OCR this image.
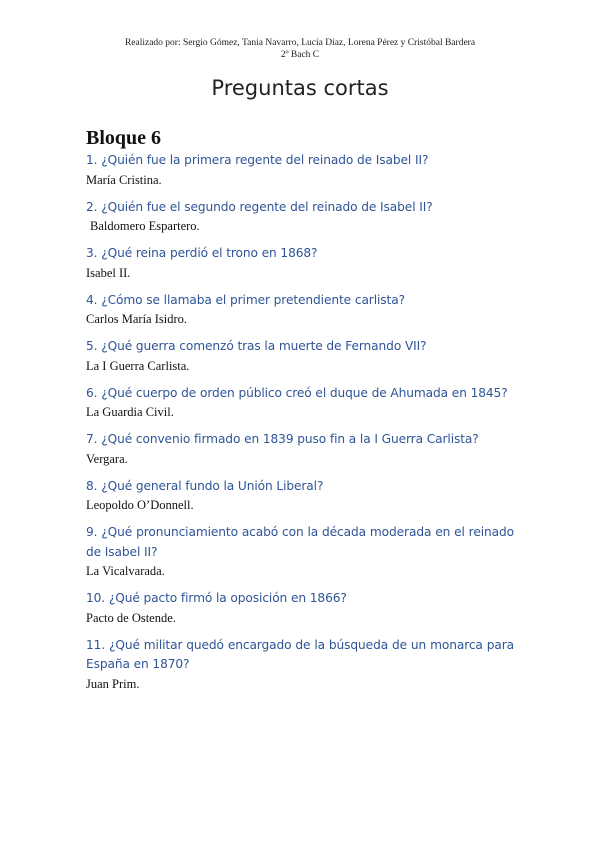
Realizado por: Sergio Gómez, Tania Navarro, Lucía Díaz, Lorena Pérez y Cristóbal Bardera
2º Bach C
Preguntas cortas
Bloque 6
1. ¿Quién fue la primera regente del reinado de Isabel II?
María Cristina.
2. ¿Quién fue el segundo regente del reinado de Isabel II?
Baldomero Espartero.
3. ¿Qué reina perdió el trono en 1868?
Isabel II.
4. ¿Cómo se llamaba el primer pretendiente carlista?
Carlos María Isidro.
5. ¿Qué guerra comenzó tras la muerte de Fernando VII?
La I Guerra Carlista.
6. ¿Qué cuerpo de orden público creó el duque de Ahumada en 1845?
La Guardia Civil.
7. ¿Qué convenio firmado en 1839 puso fin a la I Guerra Carlista?
Vergara.
8. ¿Qué general fundo la Unión Liberal?
Leopoldo O’Donnell.
9. ¿Qué pronunciamiento acabó con la década moderada en el reinado de Isabel II?
La Vicalvarada.
10. ¿Qué pacto firmó la oposición en 1866?
Pacto de Ostende.
11. ¿Qué militar quedó encargado de la búsqueda de un monarca para España en 1870?
Juan Prim.
